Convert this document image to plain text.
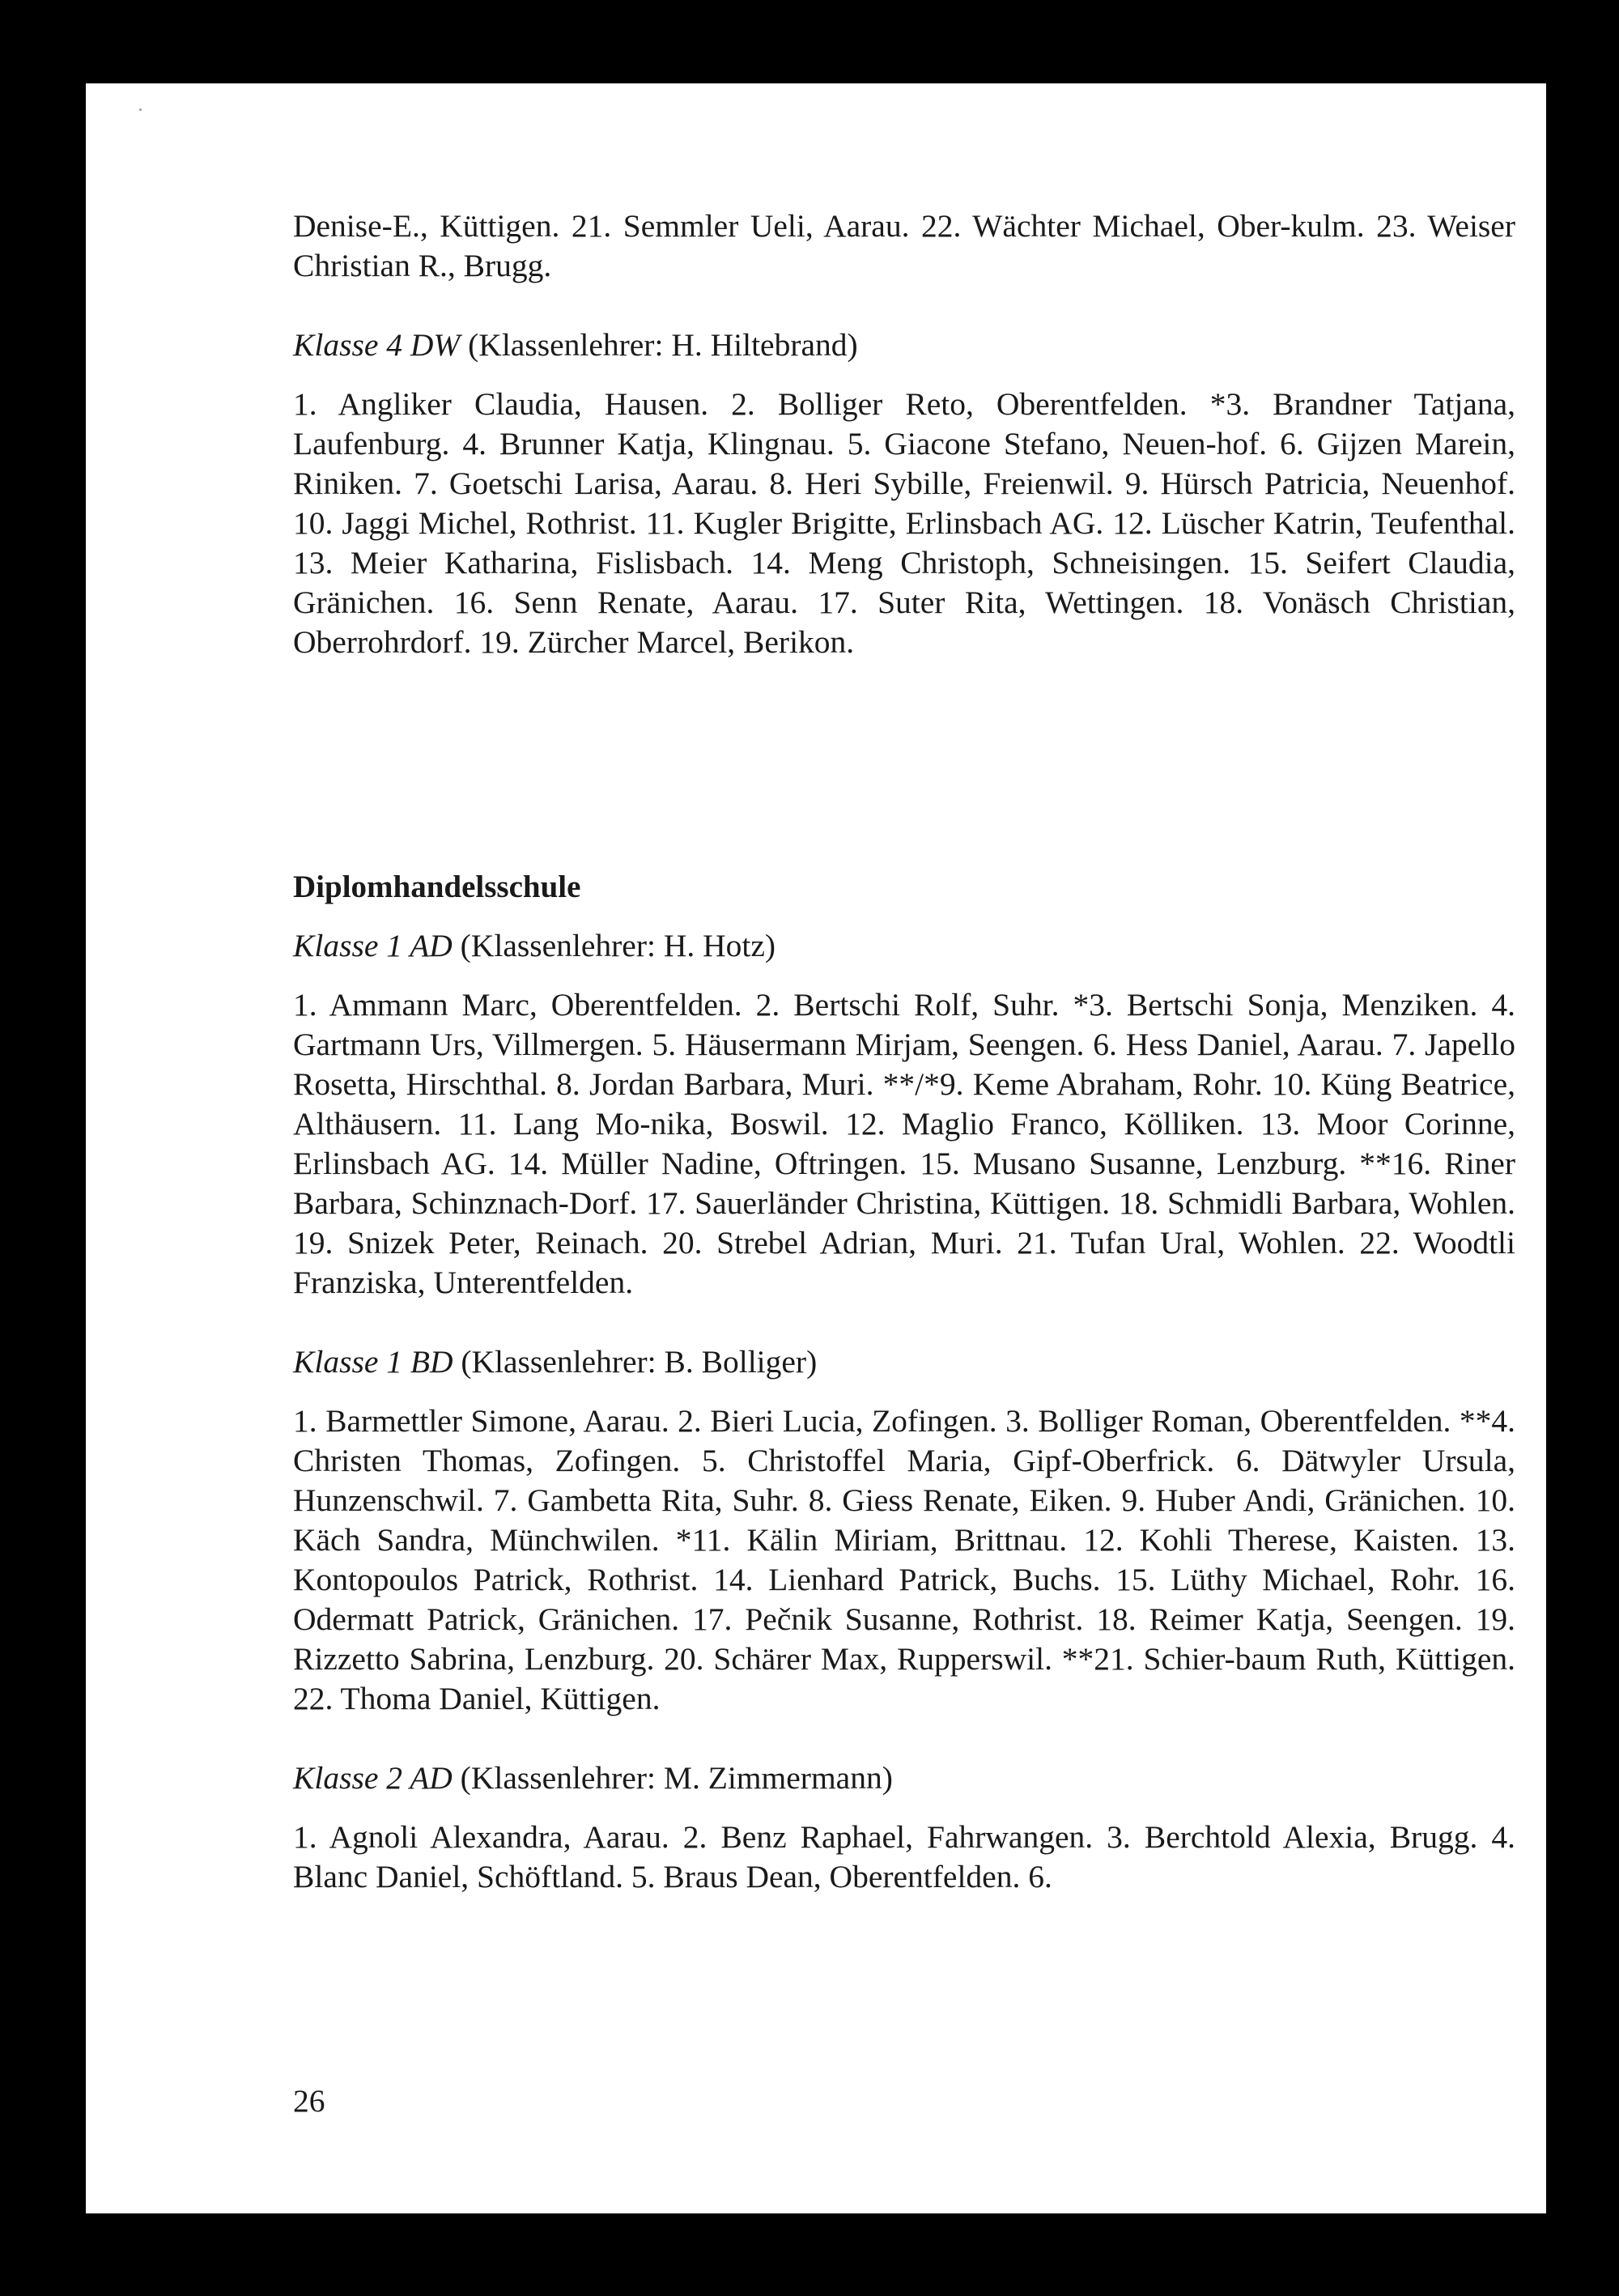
Denise-E., Küttigen. 21. Semmler Ueli, Aarau. 22. Wächter Michael, Ober-kulm. 23. Weiser Christian R., Brugg.

Klasse 4 DW (Klassenlehrer: H. Hiltebrand)

1. Angliker Claudia, Hausen. 2. Bolliger Reto, Oberentfelden. *3. Brandner Tatjana, Laufenburg. 4. Brunner Katja, Klingnau. 5. Giacone Stefano, Neuen-hof. 6. Gijzen Marein, Riniken. 7. Goetschi Larisa, Aarau. 8. Heri Sybille, Freienwil. 9. Hürsch Patricia, Neuenhof. 10. Jaggi Michel, Rothrist. 11. Kugler Brigitte, Erlinsbach AG. 12. Lüscher Katrin, Teufenthal. 13. Meier Katharina, Fislisbach. 14. Meng Christoph, Schneisingen. 15. Seifert Claudia, Gränichen. 16. Senn Renate, Aarau. 17. Suter Rita, Wettingen. 18. Vonäsch Christian, Oberrohrdorf. 19. Zürcher Marcel, Berikon.

Diplomhandelsschule

Klasse 1 AD (Klassenlehrer: H. Hotz)

1. Ammann Marc, Oberentfelden. 2. Bertschi Rolf, Suhr. *3. Bertschi Sonja, Menziken. 4. Gartmann Urs, Villmergen. 5. Häusermann Mirjam, Seengen. 6. Hess Daniel, Aarau. 7. Japello Rosetta, Hirschthal. 8. Jordan Barbara, Muri. **/*9. Keme Abraham, Rohr. 10. Küng Beatrice, Althäusern. 11. Lang Mo-nika, Boswil. 12. Maglio Franco, Kölliken. 13. Moor Corinne, Erlinsbach AG. 14. Müller Nadine, Oftringen. 15. Musano Susanne, Lenzburg. **16. Riner Barbara, Schinznach-Dorf. 17. Sauerländer Christina, Küttigen. 18. Schmidli Barbara, Wohlen. 19. Snizek Peter, Reinach. 20. Strebel Adrian, Muri. 21. Tufan Ural, Wohlen. 22. Woodtli Franziska, Unterentfelden.

Klasse 1 BD (Klassenlehrer: B. Bolliger)

1. Barmettler Simone, Aarau. 2. Bieri Lucia, Zofingen. 3. Bolliger Roman, Oberentfelden. **4. Christen Thomas, Zofingen. 5. Christoffel Maria, Gipf-Oberfrick. 6. Dätwyler Ursula, Hunzenschwil. 7. Gambetta Rita, Suhr. 8. Giess Renate, Eiken. 9. Huber Andi, Gränichen. 10. Käch Sandra, Münchwilen. *11. Kälin Miriam, Brittnau. 12. Kohli Therese, Kaisten. 13. Kontopoulos Patrick, Rothrist. 14. Lienhard Patrick, Buchs. 15. Lüthy Michael, Rohr. 16. Odermatt Patrick, Gränichen. 17. Pečnik Susanne, Rothrist. 18. Reimer Katja, Seengen. 19. Rizzetto Sabrina, Lenzburg. 20. Schärer Max, Rupperswil. **21. Schier-baum Ruth, Küttigen. 22. Thoma Daniel, Küttigen.

Klasse 2 AD (Klassenlehrer: M. Zimmermann)

1. Agnoli Alexandra, Aarau. 2. Benz Raphael, Fahrwangen. 3. Berchtold Alexia, Brugg. 4. Blanc Daniel, Schöftland. 5. Braus Dean, Oberentfelden. 6.

26
